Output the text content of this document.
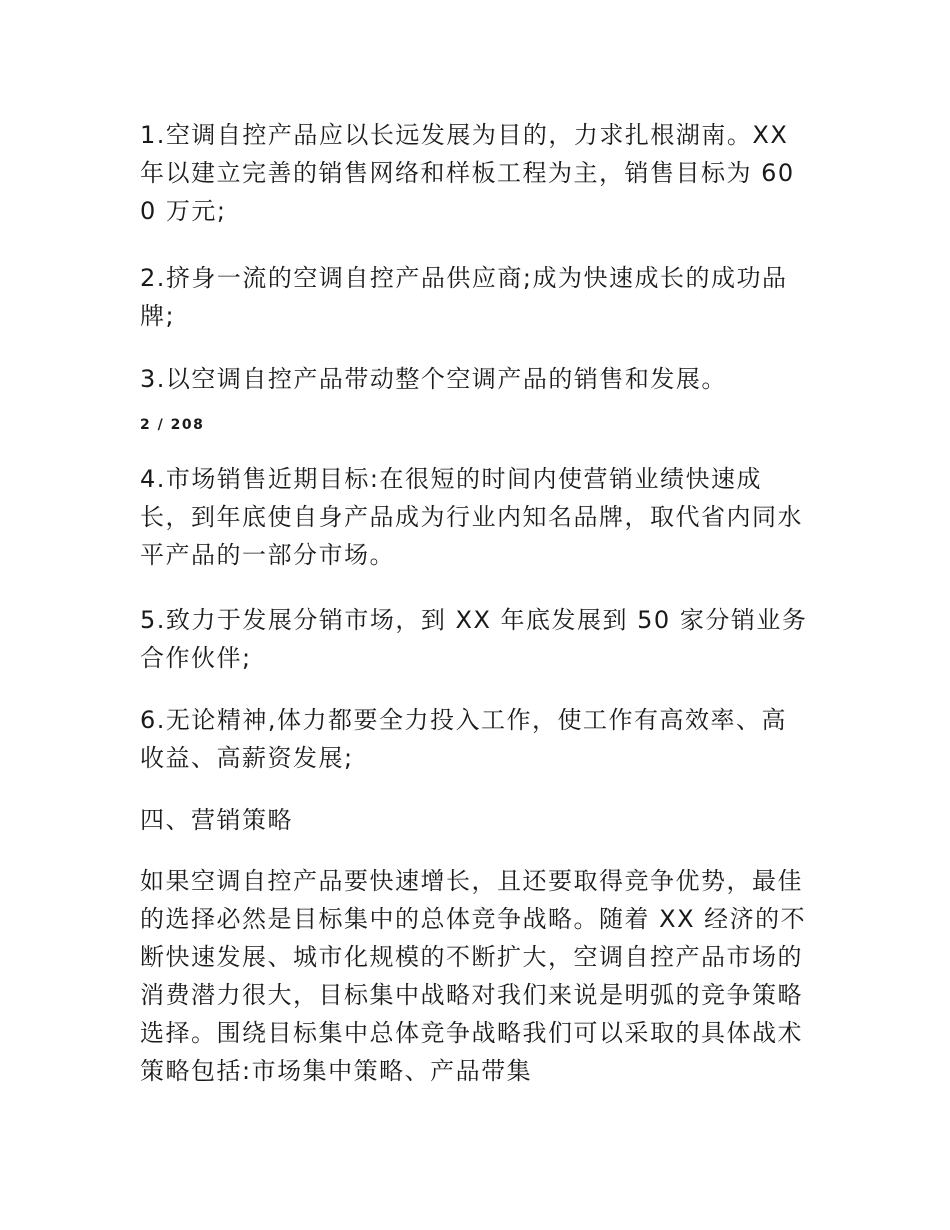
1.空调自控产品应以长远发展为目的，力求扎根湖南。XX 年以建立完善的销售网络和样板工程为主，销售目标为 600 万元;

2.挤身一流的空调自控产品供应商;成为快速成长的成功品牌;

3.以空调自控产品带动整个空调产品的销售和发展。

2 / 208

4.市场销售近期目标:在很短的时间内使营销业绩快速成长，到年底使自身产品成为行业内知名品牌，取代省内同水平产品的一部分市场。

5.致力于发展分销市场，到 XX 年底发展到 50 家分销业务合作伙伴;

6.无论精神,体力都要全力投入工作，使工作有高效率、高收益、高薪资发展;

四、营销策略

如果空调自控产品要快速增长，且还要取得竞争优势，最佳的选择必然是目标集中的总体竞争战略。随着 XX 经济的不断快速发展、城市化规模的不断扩大，空调自控产品市场的消费潜力很大，目标集中战略对我们来说是明弧的竞争策略选择。围绕目标集中总体竞争战略我们可以采取的具体战术策略包括:市场集中策略、产品带集
